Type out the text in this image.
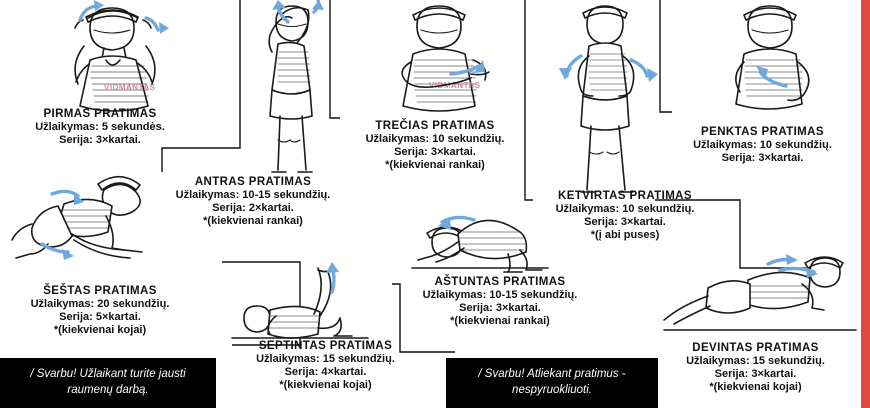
VIDMANTAS	VIDMANTAS
PIRMAS PRATIMAS
Užlaikymas: 5 sekundės.
Serija: 3×kartai.
ANTRAS PRATIMAS
Užlaikymas: 10-15 sekundžių.
Serija: 2×kartai.
*(kiekvienai rankai)
TREČIAS PRATIMAS
Užlaikymas: 10 sekundžių.
Serija: 3×kartai.
*(kiekvienai rankai)
KETVIRTAS PRATIMAS
Užlaikymas: 10 sekundžių.
Serija: 3×kartai.
*(į abi puses)
PENKTAS PRATIMAS
Užlaikymas: 10 sekundžių.
Serija: 3×kartai.
ŠEŠTAS PRATIMAS
Užlaikymas: 20 sekundžių.
Serija: 5×kartai.
*(kiekvienai kojai)
SEPTINTAS PRATIMAS
Užlaikymas: 15 sekundžių.
Serija: 4×kartai.
*(kiekvienai kojai)
AŠTUNTAS PRATIMAS
Užlaikymas: 10-15 sekundžių.
Serija: 3×kartai.
*(kiekvienai rankai)
DEVINTAS PRATIMAS
Užlaikymas: 15 sekundžių.
Serija: 3×kartai.
*(kiekvienai kojai)
/ Svarbu! Užlaikant turite jausti raumenų darbą.
/ Svarbu! Atliekant pratimus - nespyruokliuoti.
